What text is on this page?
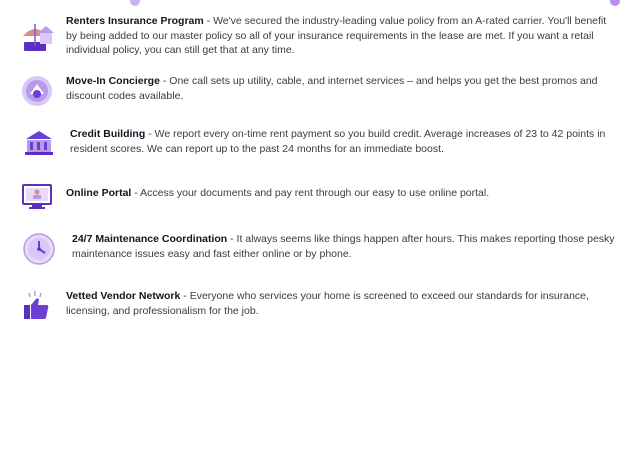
Renters Insurance Program - We've secured the industry-leading value policy from an A-rated carrier. You'll benefit by being added to our master policy so all of your insurance requirements in the lease are met. If you want a retail individual policy, you can still get that at any time.
Move-In Concierge - One call sets up utility, cable, and internet services – and helps you get the best promos and discount codes available.
Credit Building - We report every on-time rent payment so you build credit. Average increases of 23 to 42 points in resident scores. We can report up to the past 24 months for an immediate boost.
Online Portal - Access your documents and pay rent through our easy to use online portal.
24/7 Maintenance Coordination - It always seems like things happen after hours. This makes reporting those pesky maintenance issues easy and fast either online or by phone.
Vetted Vendor Network - Everyone who services your home is screened to exceed our standards for insurance, licensing, and professionalism for the job.
